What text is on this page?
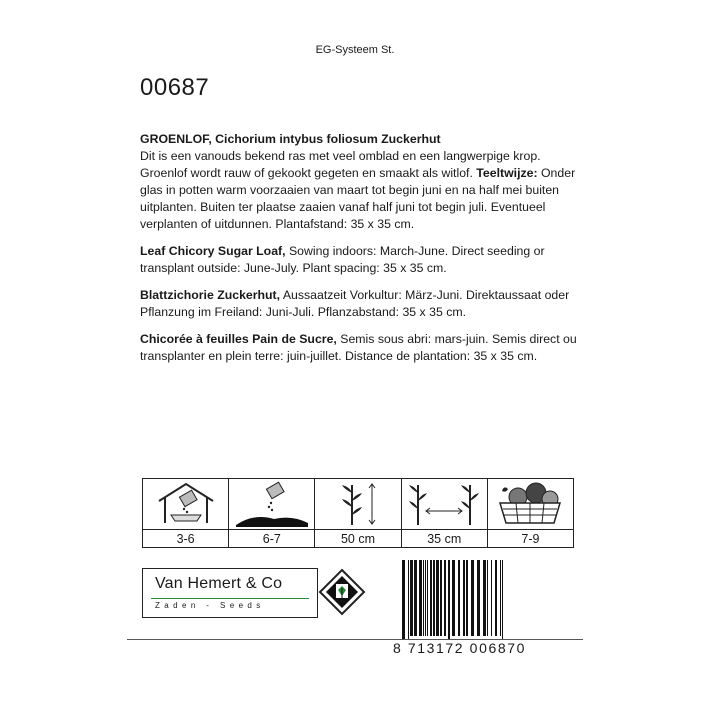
EG-Systeem St.
00687

GROENLOF, Cichorium intybus foliosum Zuckerhut
Dit is een vanouds bekend ras met veel omblad en een langwerpige krop. Groenlof wordt rauw of gekookt gegeten en smaakt als witlof. Teeltwijze: Onder glas in potten warm voorzaaien van maart tot begin juni en na half mei buiten uitplanten. Buiten ter plaatse zaaien vanaf half juni tot begin juli. Eventueel verplanten of uitdunnen. Plantafstand: 35 x 35 cm.

Leaf Chicory Sugar Loaf, Sowing indoors: March-June. Direct seeding or transplant outside: June-July. Plant spacing: 35 x 35 cm.

Blattzichorie Zuckerhut, Aussaatzeit Vorkultur: März-Juni. Direktaussaat oder Pflanzung im Freiland: Juni-Juli. Pflanzabstand: 35 x 35 cm.

Chicorée à feuilles Pain de Sucre, Semis sous abri: mars-juin. Semis direct ou transplanter en plein terre: juin-juillet. Distance de plantation: 35 x 35 cm.

3-6	6-7	50 cm	35 cm	7-9
Van Hemert & Co
Zaden - Seeds
8 713172 006870
